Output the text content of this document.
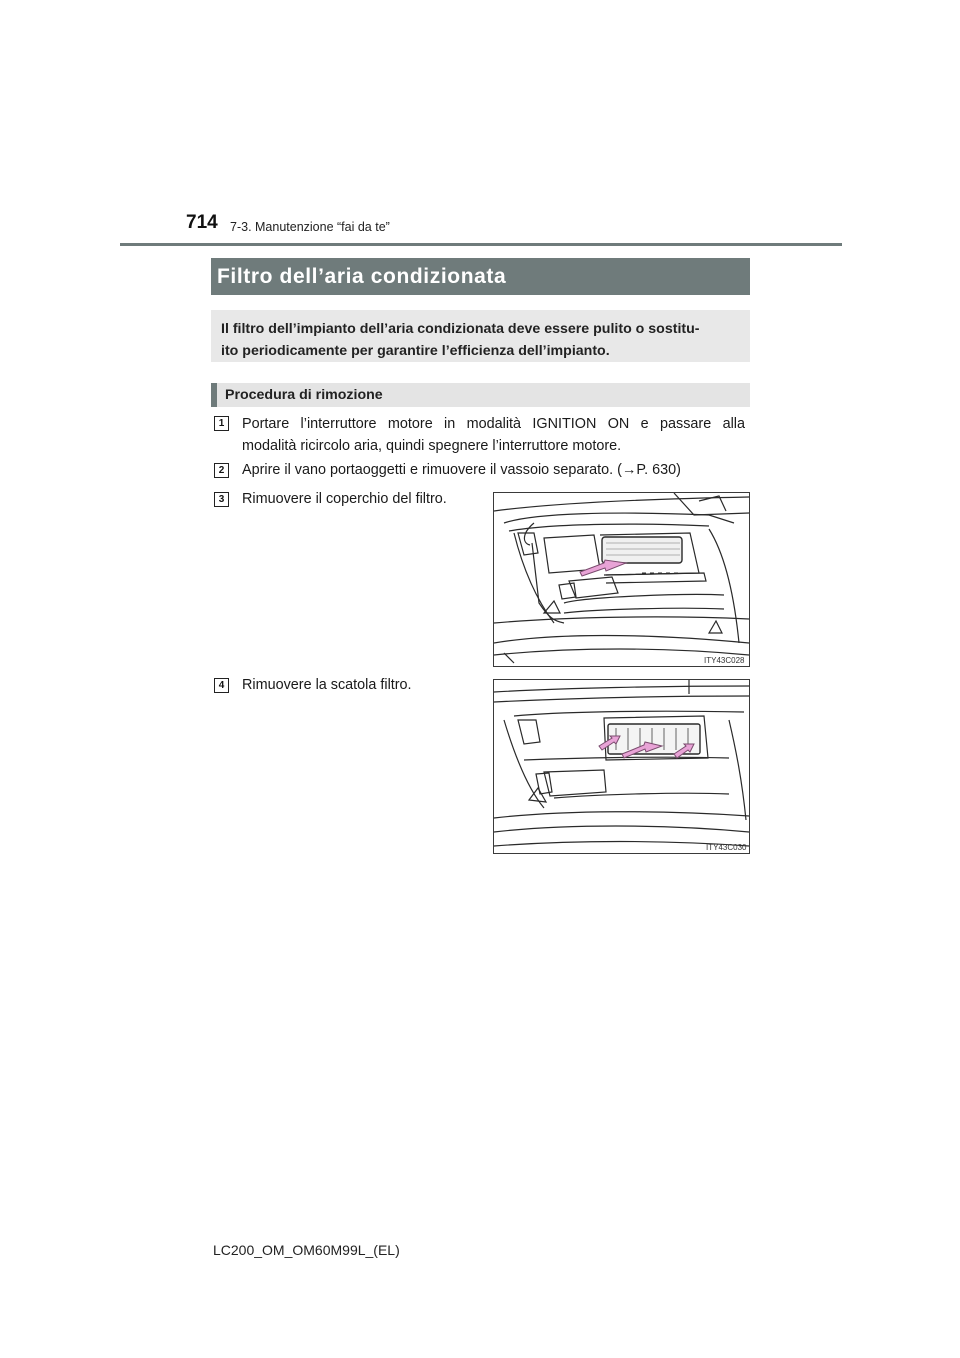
714 7-3. Manutenzione “fai da te”
Filtro dell’aria condizionata
Il filtro dell’impianto dell’aria condizionata deve essere pulito o sostitu-
ito periodicamente per garantire l’efficienza dell’impianto.
Procedura di rimozione
1	Portare l’interruttore motore in modalità IGNITION ON e passare alla
modalità ricircolo aria, quindi spegnere l’interruttore motore.
2	Aprire il vano portaoggetti e rimuovere il vassoio separato. (→P. 630)
3	Rimuovere il coperchio del filtro.
ITY43C028
4	Rimuovere la scatola filtro.
ITY43C030
LC200_OM_OM60M99L_(EL)
